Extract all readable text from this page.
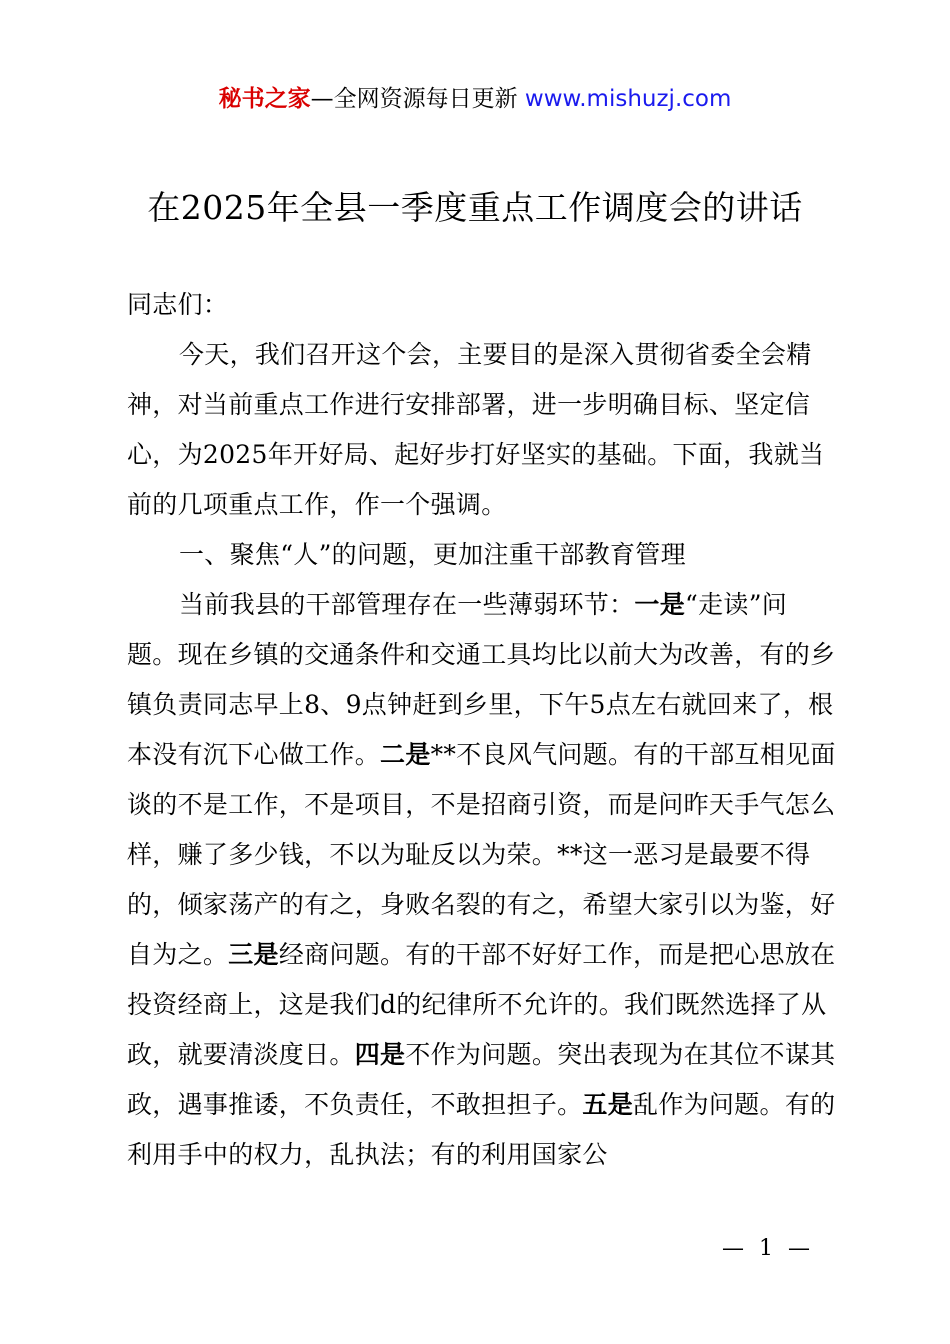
秘书之家—全网资源每日更新 www.mishuzj.com
在2025年全县一季度重点工作调度会的讲话

同志们：

今天，我们召开这个会，主要目的是深入贯彻省委全会精神，对当前重点工作进行安排部署，进一步明确目标、坚定信心，为2025年开好局、起好步打好坚实的基础。下面，我就当前的几项重点工作，作一个强调。

一、聚焦“人”的问题，更加注重干部教育管理

当前我县的干部管理存在一些薄弱环节：一是“走读”问题。现在乡镇的交通条件和交通工具均比以前大为改善，有的乡镇负责同志早上8、9点钟赶到乡里，下午5点左右就回来了，根本没有沉下心做工作。二是**不良风气问题。有的干部互相见面谈的不是工作，不是项目，不是招商引资，而是问昨天手气怎么样，赚了多少钱，不以为耻反以为荣。**这一恶习是最要不得的，倾家荡产的有之，身败名裂的有之，希望大家引以为鉴，好自为之。三是经商问题。有的干部不好好工作，而是把心思放在投资经商上，这是我们d的纪律所不允许的。我们既然选择了从政，就要清淡度日。四是不作为问题。突出表现为在其位不谋其政，遇事推诿，不负责任，不敢担担子。五是乱作为问题。有的利用手中的权力，乱执法；有的利用国家公

— 1 —
